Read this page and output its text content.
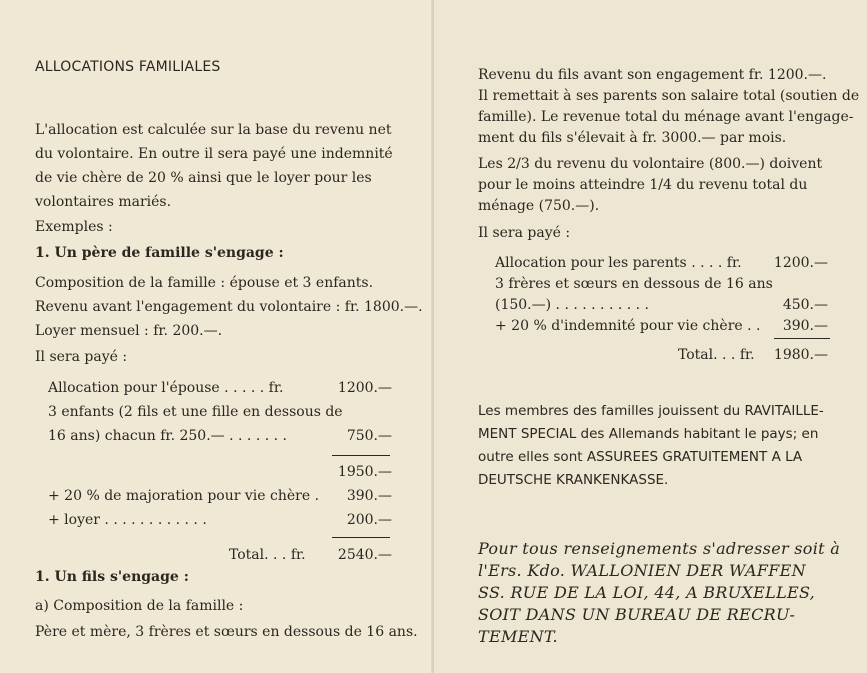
ALLOCATIONS FAMILIALES
L'allocation est calculée sur la base du revenu net
du volontaire. En outre il sera payé une indemnité
de vie chère de 20 % ainsi que le loyer pour les
volontaires mariés.
Exemples :
1. Un père de famille s'engage :
Composition de la famille : épouse et 3 enfants.
Revenu avant l'engagement du volontaire : fr. 1800.—.
Loyer mensuel : fr. 200.—.
Il sera payé :
Allocation pour l'épouse . . . . . fr.	1200.—
3 enfants (2 fils et une fille en dessous de
16 ans) chacun fr. 250.— . . . . . . .	750.—
1950.—
+ 20 % de majoration pour vie chère .	390.—
+ loyer . . . . . . . . . . . .	200.—
Total. . . fr.	2540.—
1. Un fils s'engage :
a) Composition de la famille :
Père et mère, 3 frères et sœurs en dessous de 16 ans.
Revenu du fils avant son engagement fr. 1200.—.
Il remettait à ses parents son salaire total (soutien de
famille). Le revenue total du ménage avant l'engage-
ment du fils s'élevait à fr. 3000.— par mois.
Les 2/3 du revenu du volontaire (800.—) doivent
pour le moins atteindre 1/4 du revenu total du
ménage (750.—).
Il sera payé :
Allocation pour les parents . . . . fr.	1200.—
3 frères et sœurs en dessous de 16 ans
(150.—) . . . . . . . . . . .	450.—
+ 20 % d'indemnité pour vie chère . .	390.—
Total. . . fr.	1980.—
Les membres des familles jouissent du RAVITAILLE-
MENT SPECIAL des Allemands habitant le pays; en
outre elles sont ASSUREES GRATUITEMENT A LA
DEUTSCHE KRANKENKASSE.
Pour tous renseignements s'adresser soit à
l'Ers. Kdo. WALLONIEN DER WAFFEN
SS. RUE DE LA LOI, 44, A BRUXELLES,
SOIT DANS UN BUREAU DE RECRU-
TEMENT.
